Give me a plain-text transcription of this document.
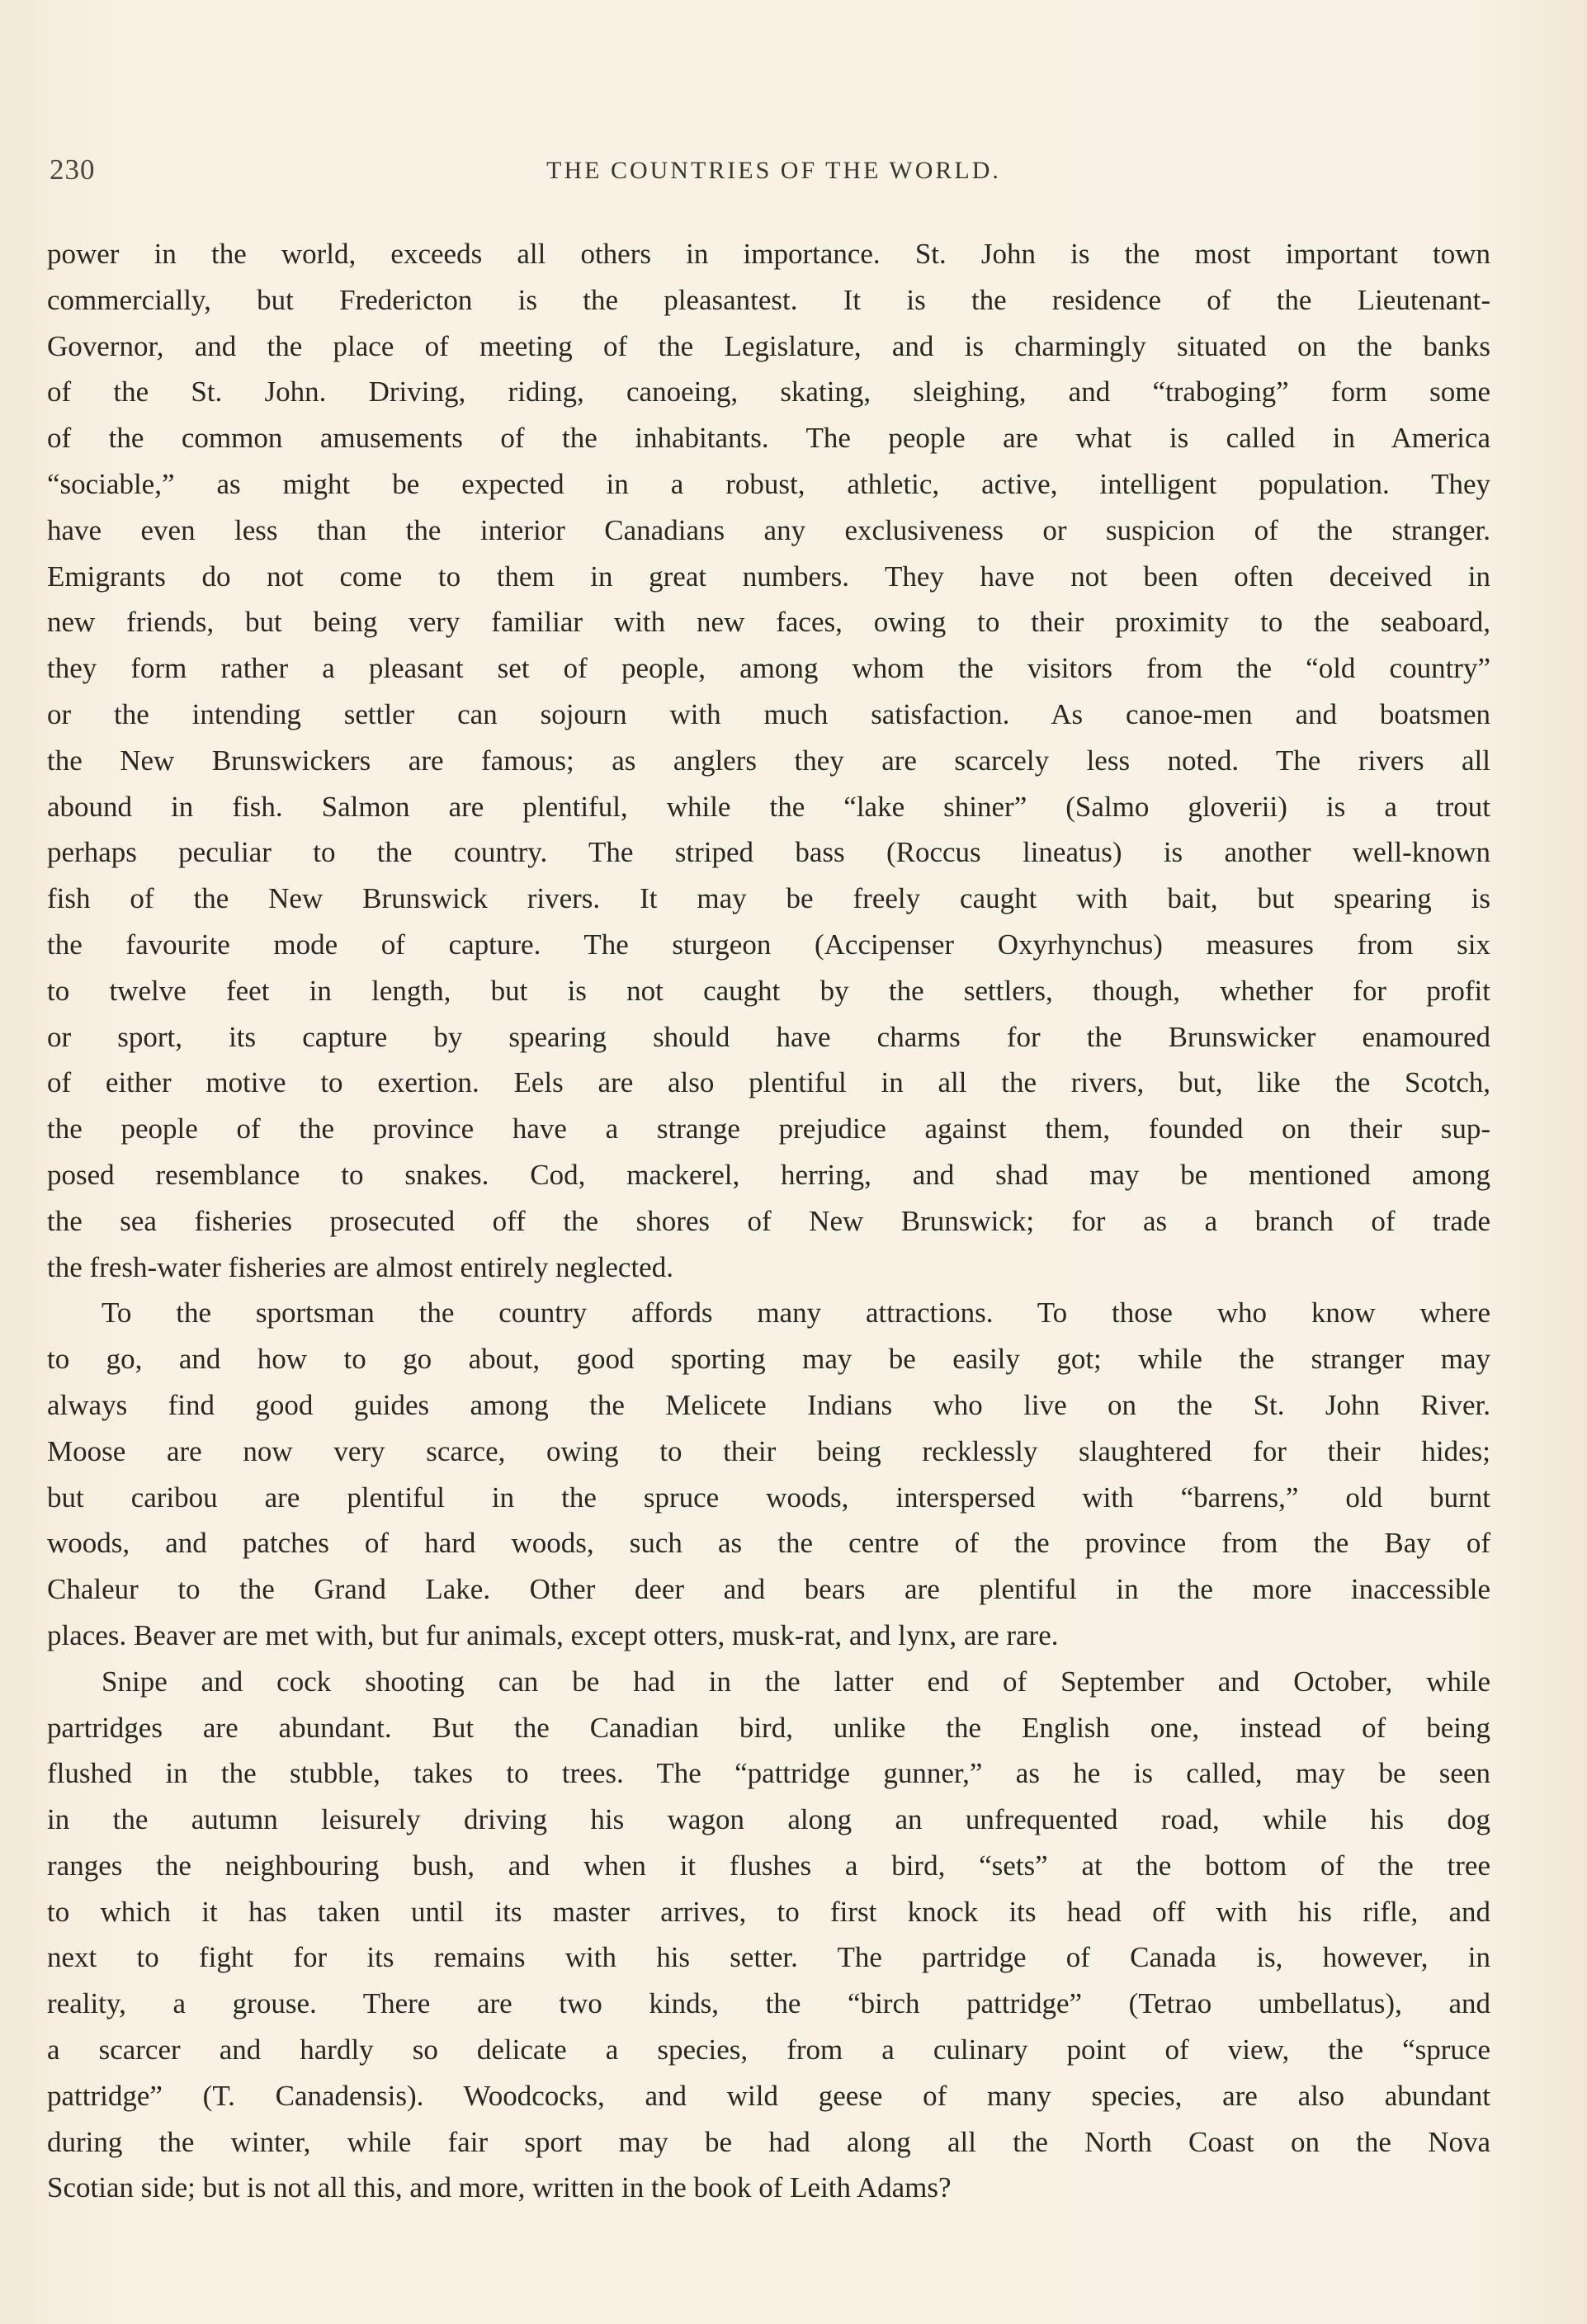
230	THE COUNTRIES OF THE WORLD.
power in the world, exceeds all others in importance. St. John is the most important town
commercially, but Fredericton is the pleasantest. It is the residence of the Lieutenant-
Governor, and the place of meeting of the Legislature, and is charmingly situated on the banks
of the St. John. Driving, riding, canoeing, skating, sleighing, and “traboging” form some
of the common amusements of the inhabitants. The people are what is called in America
“sociable,” as might be expected in a robust, athletic, active, intelligent population. They
have even less than the interior Canadians any exclusiveness or suspicion of the stranger.
Emigrants do not come to them in great numbers. They have not been often deceived in
new friends, but being very familiar with new faces, owing to their proximity to the seaboard,
they form rather a pleasant set of people, among whom the visitors from the “old country”
or the intending settler can sojourn with much satisfaction. As canoe-men and boatsmen
the New Brunswickers are famous; as anglers they are scarcely less noted. The rivers all
abound in fish. Salmon are plentiful, while the “lake shiner” (Salmo gloverii) is a trout
perhaps peculiar to the country. The striped bass (Roccus lineatus) is another well-known
fish of the New Brunswick rivers. It may be freely caught with bait, but spearing is
the favourite mode of capture. The sturgeon (Accipenser Oxyrhynchus) measures from six
to twelve feet in length, but is not caught by the settlers, though, whether for profit
or sport, its capture by spearing should have charms for the Brunswicker enamoured
of either motive to exertion. Eels are also plentiful in all the rivers, but, like the Scotch,
the people of the province have a strange prejudice against them, founded on their sup-
posed resemblance to snakes. Cod, mackerel, herring, and shad may be mentioned among
the sea fisheries prosecuted off the shores of New Brunswick; for as a branch of trade
the fresh-water fisheries are almost entirely neglected.
To the sportsman the country affords many attractions. To those who know where
to go, and how to go about, good sporting may be easily got; while the stranger may
always find good guides among the Melicete Indians who live on the St. John River.
Moose are now very scarce, owing to their being recklessly slaughtered for their hides;
but caribou are plentiful in the spruce woods, interspersed with “barrens,” old burnt
woods, and patches of hard woods, such as the centre of the province from the Bay of
Chaleur to the Grand Lake. Other deer and bears are plentiful in the more inaccessible
places. Beaver are met with, but fur animals, except otters, musk-rat, and lynx, are rare.
Snipe and cock shooting can be had in the latter end of September and October, while
partridges are abundant. But the Canadian bird, unlike the English one, instead of being
flushed in the stubble, takes to trees. The “pattridge gunner,” as he is called, may be seen
in the autumn leisurely driving his wagon along an unfrequented road, while his dog
ranges the neighbouring bush, and when it flushes a bird, “sets” at the bottom of the tree
to which it has taken until its master arrives, to first knock its head off with his rifle, and
next to fight for its remains with his setter. The partridge of Canada is, however, in
reality, a grouse. There are two kinds, the “birch pattridge” (Tetrao umbellatus), and
a scarcer and hardly so delicate a species, from a culinary point of view, the “spruce
pattridge” (T. Canadensis). Woodcocks, and wild geese of many species, are also abundant
during the winter, while fair sport may be had along all the North Coast on the Nova
Scotian side; but is not all this, and more, written in the book of Leith Adams?
